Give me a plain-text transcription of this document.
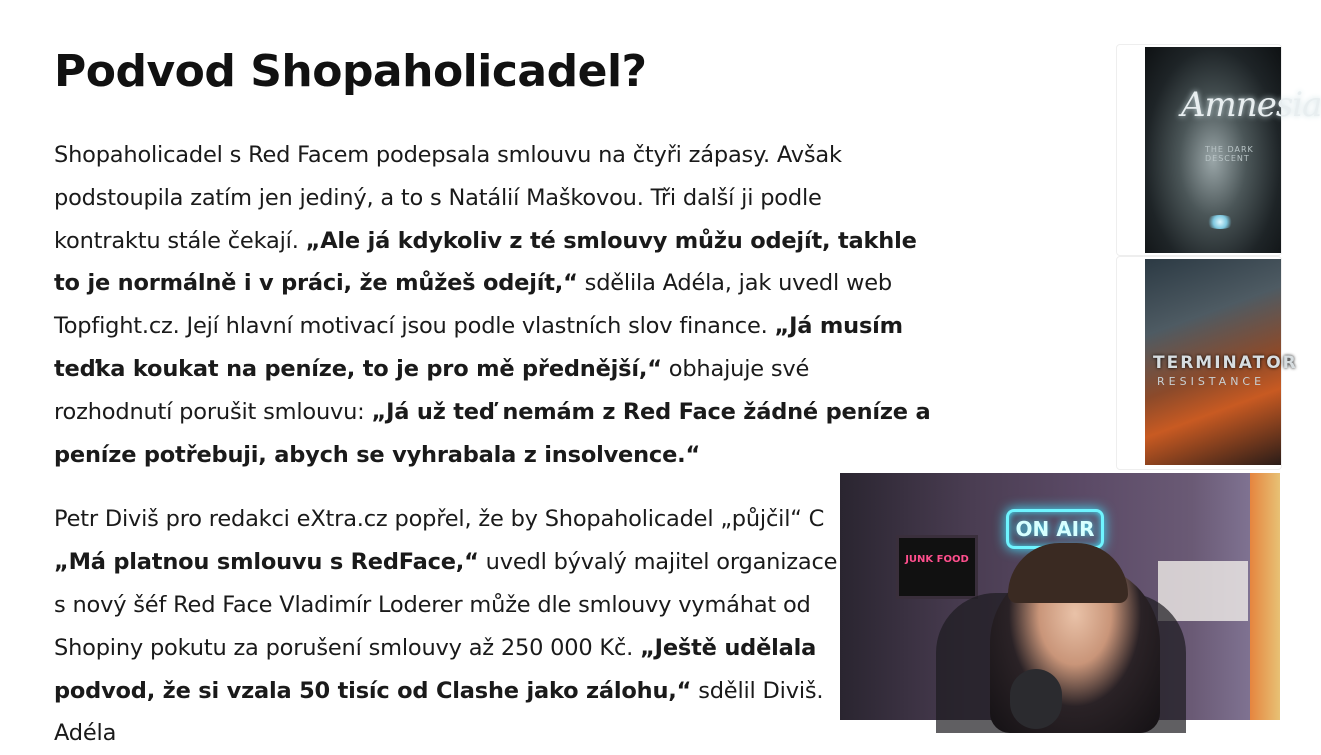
Podvod Shopaholicadel?

Shopaholicadel s Red Facem podepsala smlouvu na čtyři zápasy. Avšak podstoupila zatím jen jediný, a to s Natálií Maškovou. Tři další ji podle kontraktu stále čekají. „Ale já kdykoliv z té smlouvy můžu odejít, takhle to je normálně i v práci, že můžeš odejít,“ sdělila Adéla, jak uvedl web Topfight.cz. Její hlavní motivací jsou podle vlastních slov finance. „Já musím teďka koukat na peníze, to je pro mě přednější,“ obhajuje své rozhodnutí porušit smlouvu: „Já už teď nemám z Red Face žádné peníze a peníze potřebuji, abych se vyhrabala z insolvence.“

Petr Diviš pro redakci eXtra.cz popřel, že by Shopaholicadel „půjčil“ C „Má platnou smlouvu s RedFace,“ uvedl bývalý majitel organizace s nový šéf Red Face Vladimír Loderer může dle smlouvy vymáhat od Shopiny pokutu za porušení smlouvy až 250 000 Kč. „Ještě udělala podvod, že si vzala 50 tisíc od Clashe jako zálohu,“ sdělil Diviš. Adéla

Amnesia
THE DARK DESCENT
TERMINATOR
RESISTANCE
JUNK FOOD
ON AIR
